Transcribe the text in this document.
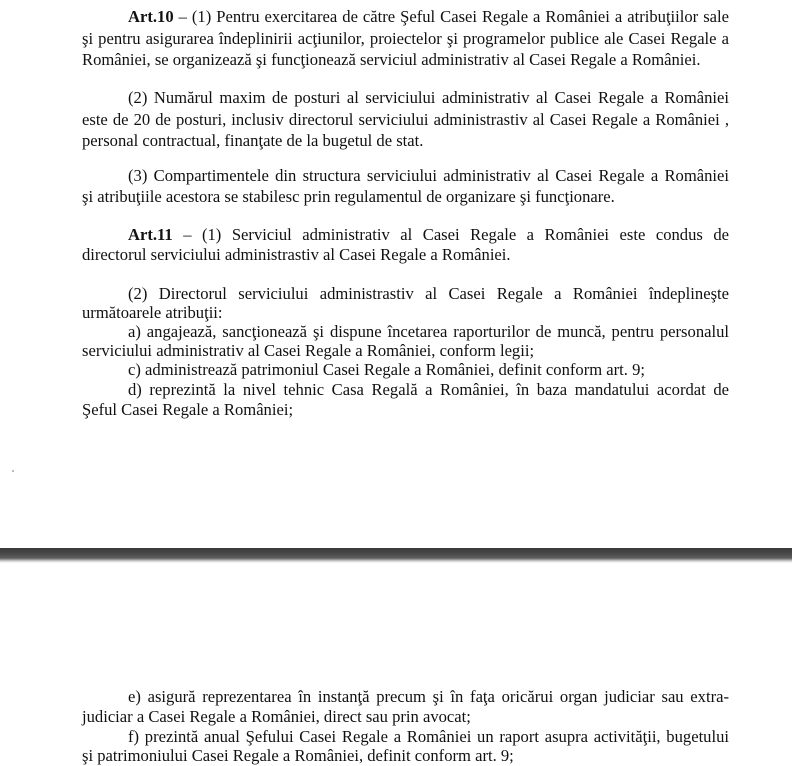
Art.10 – (1) Pentru exercitarea de către Şeful Casei Regale a României a atribuţiilor sale
şi pentru asigurarea îndeplinirii acţiunilor, proiectelor şi programelor publice ale Casei Regale a
României, se organizează şi funcţionează serviciul administrativ al Casei Regale a României.
(2) Numărul maxim de posturi al serviciului administrativ al Casei Regale a României
este de 20 de posturi, inclusiv directorul serviciului administrastiv al Casei Regale a României ,
personal contractual, finanţate de la bugetul de stat.
(3) Compartimentele din structura serviciului administrativ al Casei Regale a României
şi atribuţiile acestora se stabilesc prin regulamentul de organizare şi funcţionare.
Art.11 – (1) Serviciul administrativ al Casei Regale a României este condus de
directorul serviciului administrastiv al Casei Regale a României.
(2) Directorul serviciului administrastiv al Casei Regale a României îndeplineşte
următoarele atribuţii:
a) angajează, sancţionează şi dispune încetarea raporturilor de muncă, pentru personalul
serviciului administrativ al Casei Regale a României, conform legii;
c) administrează patrimoniul Casei Regale a României, definit conform art. 9;
d) reprezintă la nivel tehnic Casa Regală a României, în baza mandatului acordat de
Şeful Casei Regale a României;
e) asigură reprezentarea în instanţă precum şi în faţa oricărui organ judiciar sau extra-
judiciar a Casei Regale a României, direct sau prin avocat;
f) prezintă anual Şefului Casei Regale a României un raport asupra activităţii, bugetului
şi patrimoniului Casei Regale a României, definit conform art. 9;
